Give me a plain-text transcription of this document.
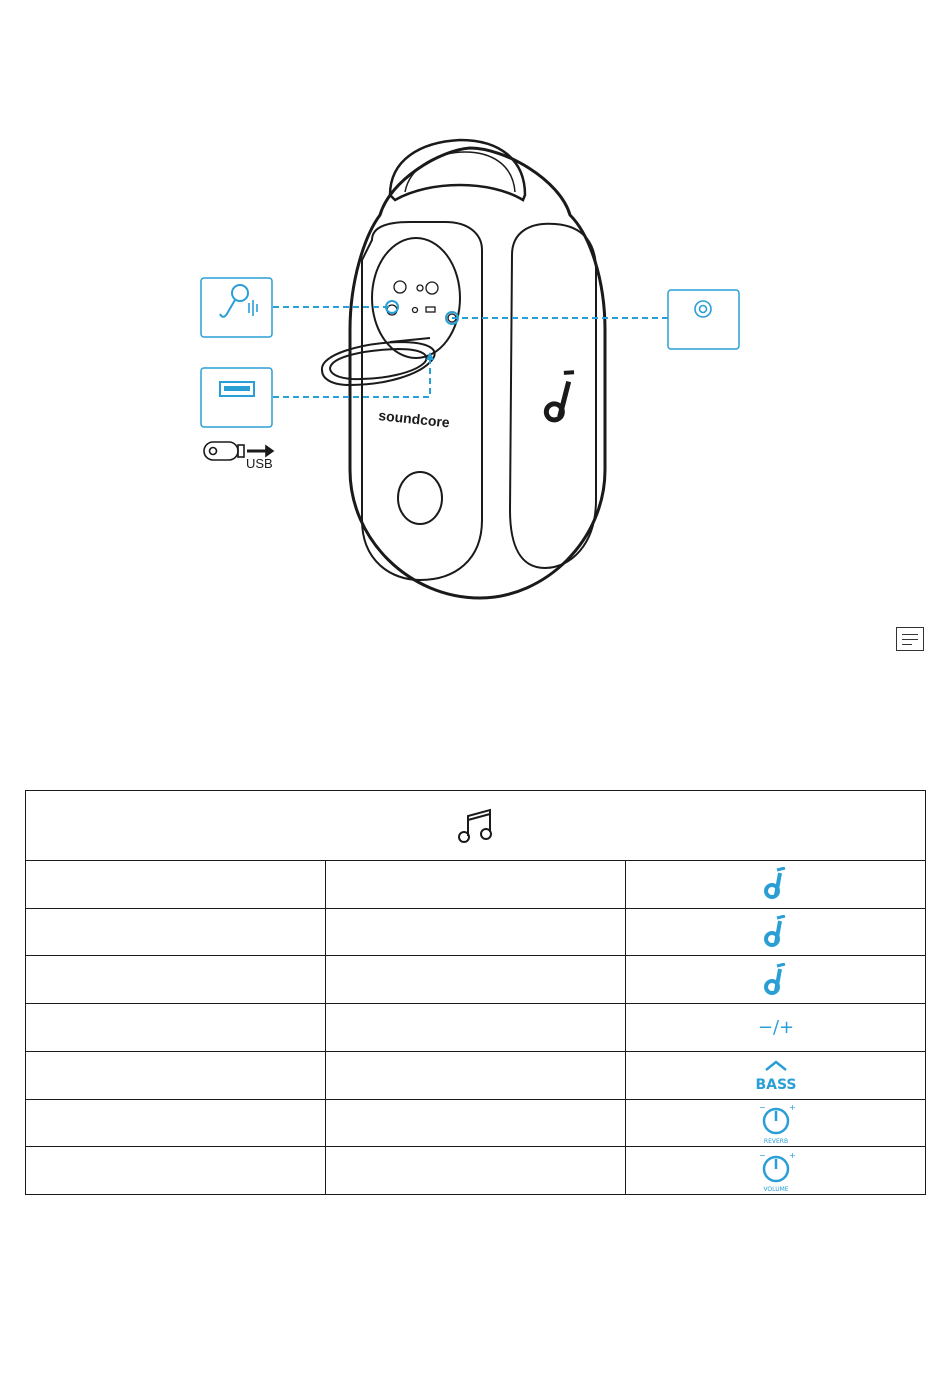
soundcore
USB

−/+

BASS

− +
REVERB

− +
VOLUME
